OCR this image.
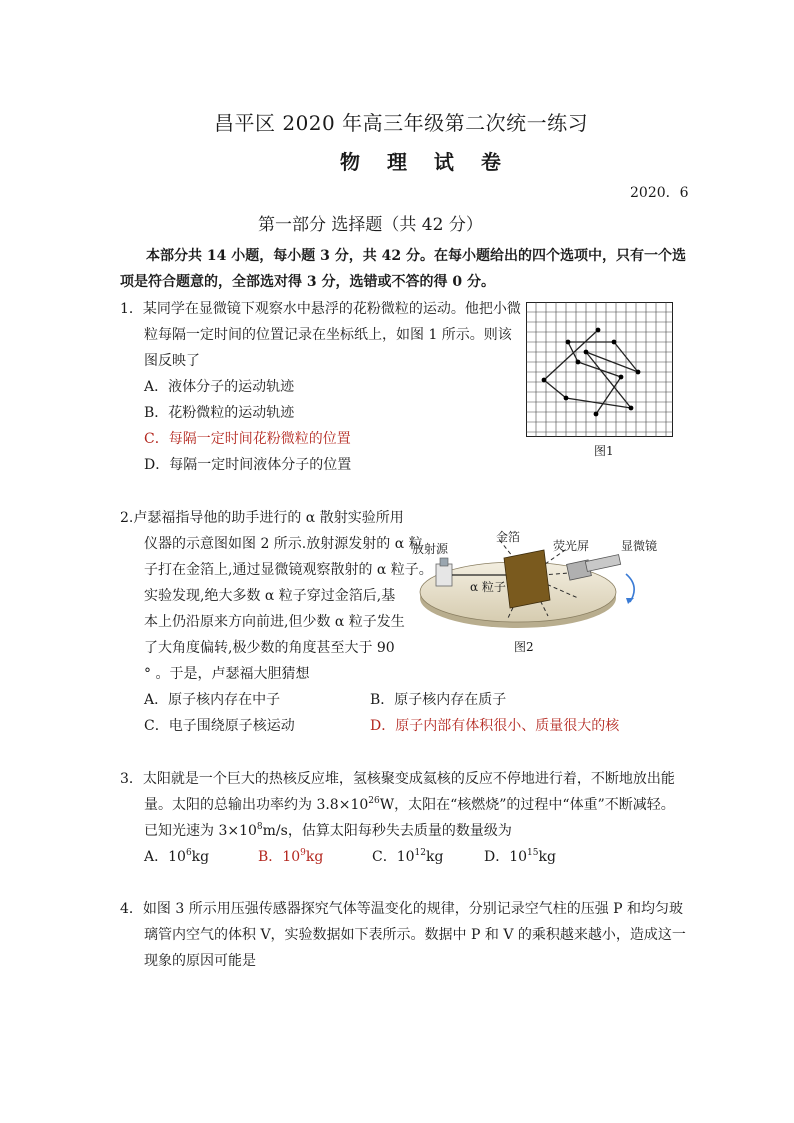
昌平区 2020 年高三年级第二次统一练习
物 理 试 卷
2020．6
第一部分 选择题（共 42 分）
本部分共 14 小题，每小题 3 分，共 42 分。在每小题给出的四个选项中，只有一个选
项是符合题意的，全部选对得 3 分，选错或不答的得 0 分。
1．某同学在显微镜下观察水中悬浮的花粉微粒的运动。他把小微
粒每隔一定时间的位置记录在坐标纸上，如图 1 所示。则该
图反映了
A．液体分子的运动轨迹
B．花粉微粒的运动轨迹
C．每隔一定时间花粉微粒的位置
D．每隔一定时间液体分子的位置
图1
2.卢瑟福指导他的助手进行的 α 散射实验所用
仪器的示意图如图 2 所示.放射源发射的 α 粒
子打在金箔上,通过显微镜观察散射的 α 粒子。
实验发现,绝大多数 α 粒子穿过金箔后,基
本上仍沿原来方向前进,但少数 α 粒子发生
了大角度偏转,极少数的角度甚至大于 90
° 。于是，卢瑟福大胆猜想
A．原子核内存在中子	B．原子核内存在质子
C．电子围绕原子核运动	D．原子内部有体积很小、质量很大的核
放射源
金箔
荧光屏	显微镜
α 粒子
图2
3．太阳就是一个巨大的热核反应堆，氢核聚变成氦核的反应不停地进行着，不断地放出能
量。太阳的总输出功率约为 $3.8\times 10^{26}W$，太阳在“核燃烧”的过程中“体重”不断减轻。
已知光速为 $3\times 10^8m/s$，估算太阳每秒失去质量的数量级为
A．$10^6kg$	B．$10^9kg$	C．$10^{12}kg$	D．$10^{15}kg$
4．如图 3 所示用压强传感器探究气体等温变化的规律，分别记录空气柱的压强 P 和均匀玻
璃管内空气的体积 V，实验数据如下表所示。数据中 P 和 V 的乘积越来越小，造成这一
现象的原因可能是
